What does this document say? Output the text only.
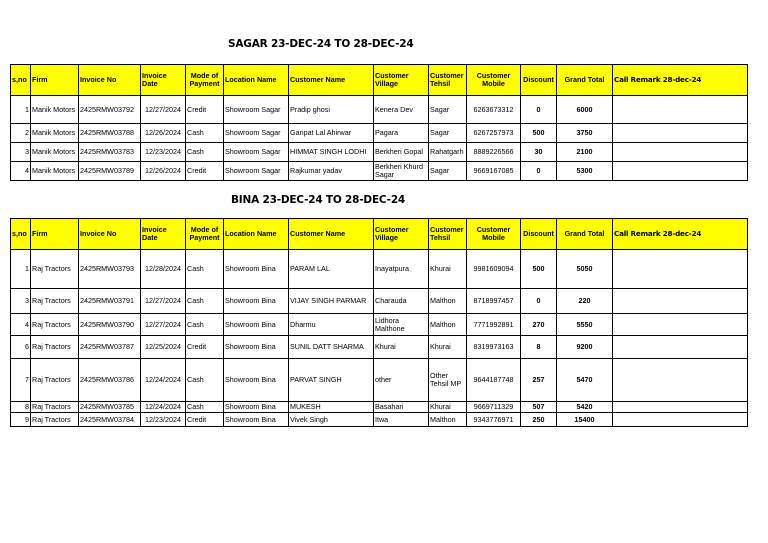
SAGAR 23-DEC-24 TO 28-DEC-24
s,no	Firm	Invoice No	Invoice Date	Mode of Payment	Location Name	Customer Name	Customer Village	Customer Tehsil	Customer Mobile	Discount	Grand Total	Call Remark 28-dec-24
1	Manik Motors	2425RMW03792	12/27/2024	Credit	Showroom Sagar	Pradip ghosi	Kenera Dev	Sagar	6263673312	0	6000	
2	Manik Motors	2425RMW03788	12/26/2024	Cash	Showroom Sagar	Ganpat Lal Ahirwar	Pagara	Sagar	6267257973	500	3750	
3	Manik Motors	2425RMW03783	12/23/2024	Cash	Showroom Sagar	HIMMAT SINGH LODHI	Berkheri Gopal	Rahatgarh	8889226566	30	2100	
4	Manik Motors	2425RMW03789	12/26/2024	Credit	Showroom Sagar	Rajkumar yadav	Berkheri Khurd Sagar	Sagar	9669167085	0	5300	
BINA 23-DEC-24 TO 28-DEC-24
s,no	Firm	Invoice No	Invoice Date	Mode of Payment	Location Name	Customer Name	Customer Village	Customer Tehsil	Customer Mobile	Discount	Grand Total	Call Remark 28-dec-24
1	Raj Tractors	2425RMW03793	12/28/2024	Cash	Showroom Bina	PARAM LAL	Inayatpura	Khurai	9981609094	500	5050	
3	Raj Tractors	2425RMW03791	12/27/2024	Cash	Showroom Bina	VIJAY SINGH PARMAR	Charauda	Malthon	8718997457	0	220	
4	Raj Tractors	2425RMW03790	12/27/2024	Cash	Showroom Bina	Dharmu	Lidhora Malthone	Malthon	7771992891	270	5550	
6	Raj Tractors	2425RMW03787	12/25/2024	Credit	Showroom Bina	SUNIL DATT SHARMA	Khurai	Khurai	8319973163	8	9200	
7	Raj Tractors	2425RMW03786	12/24/2024	Cash	Showroom Bina	PARVAT SINGH	other	Other Tehsil MP	9644187748	257	5470	
8	Raj Tractors	2425RMW03785	12/24/2024	Cash	Showroom Bina	MUKESH	Basahari	Khurai	9669711329	507	5420	
9	Raj Tractors	2425RMW03784	12/23/2024	Credit	Showroom Bina	Vivek Singh	Itwa	Malthon	9343776971	250	15400	
